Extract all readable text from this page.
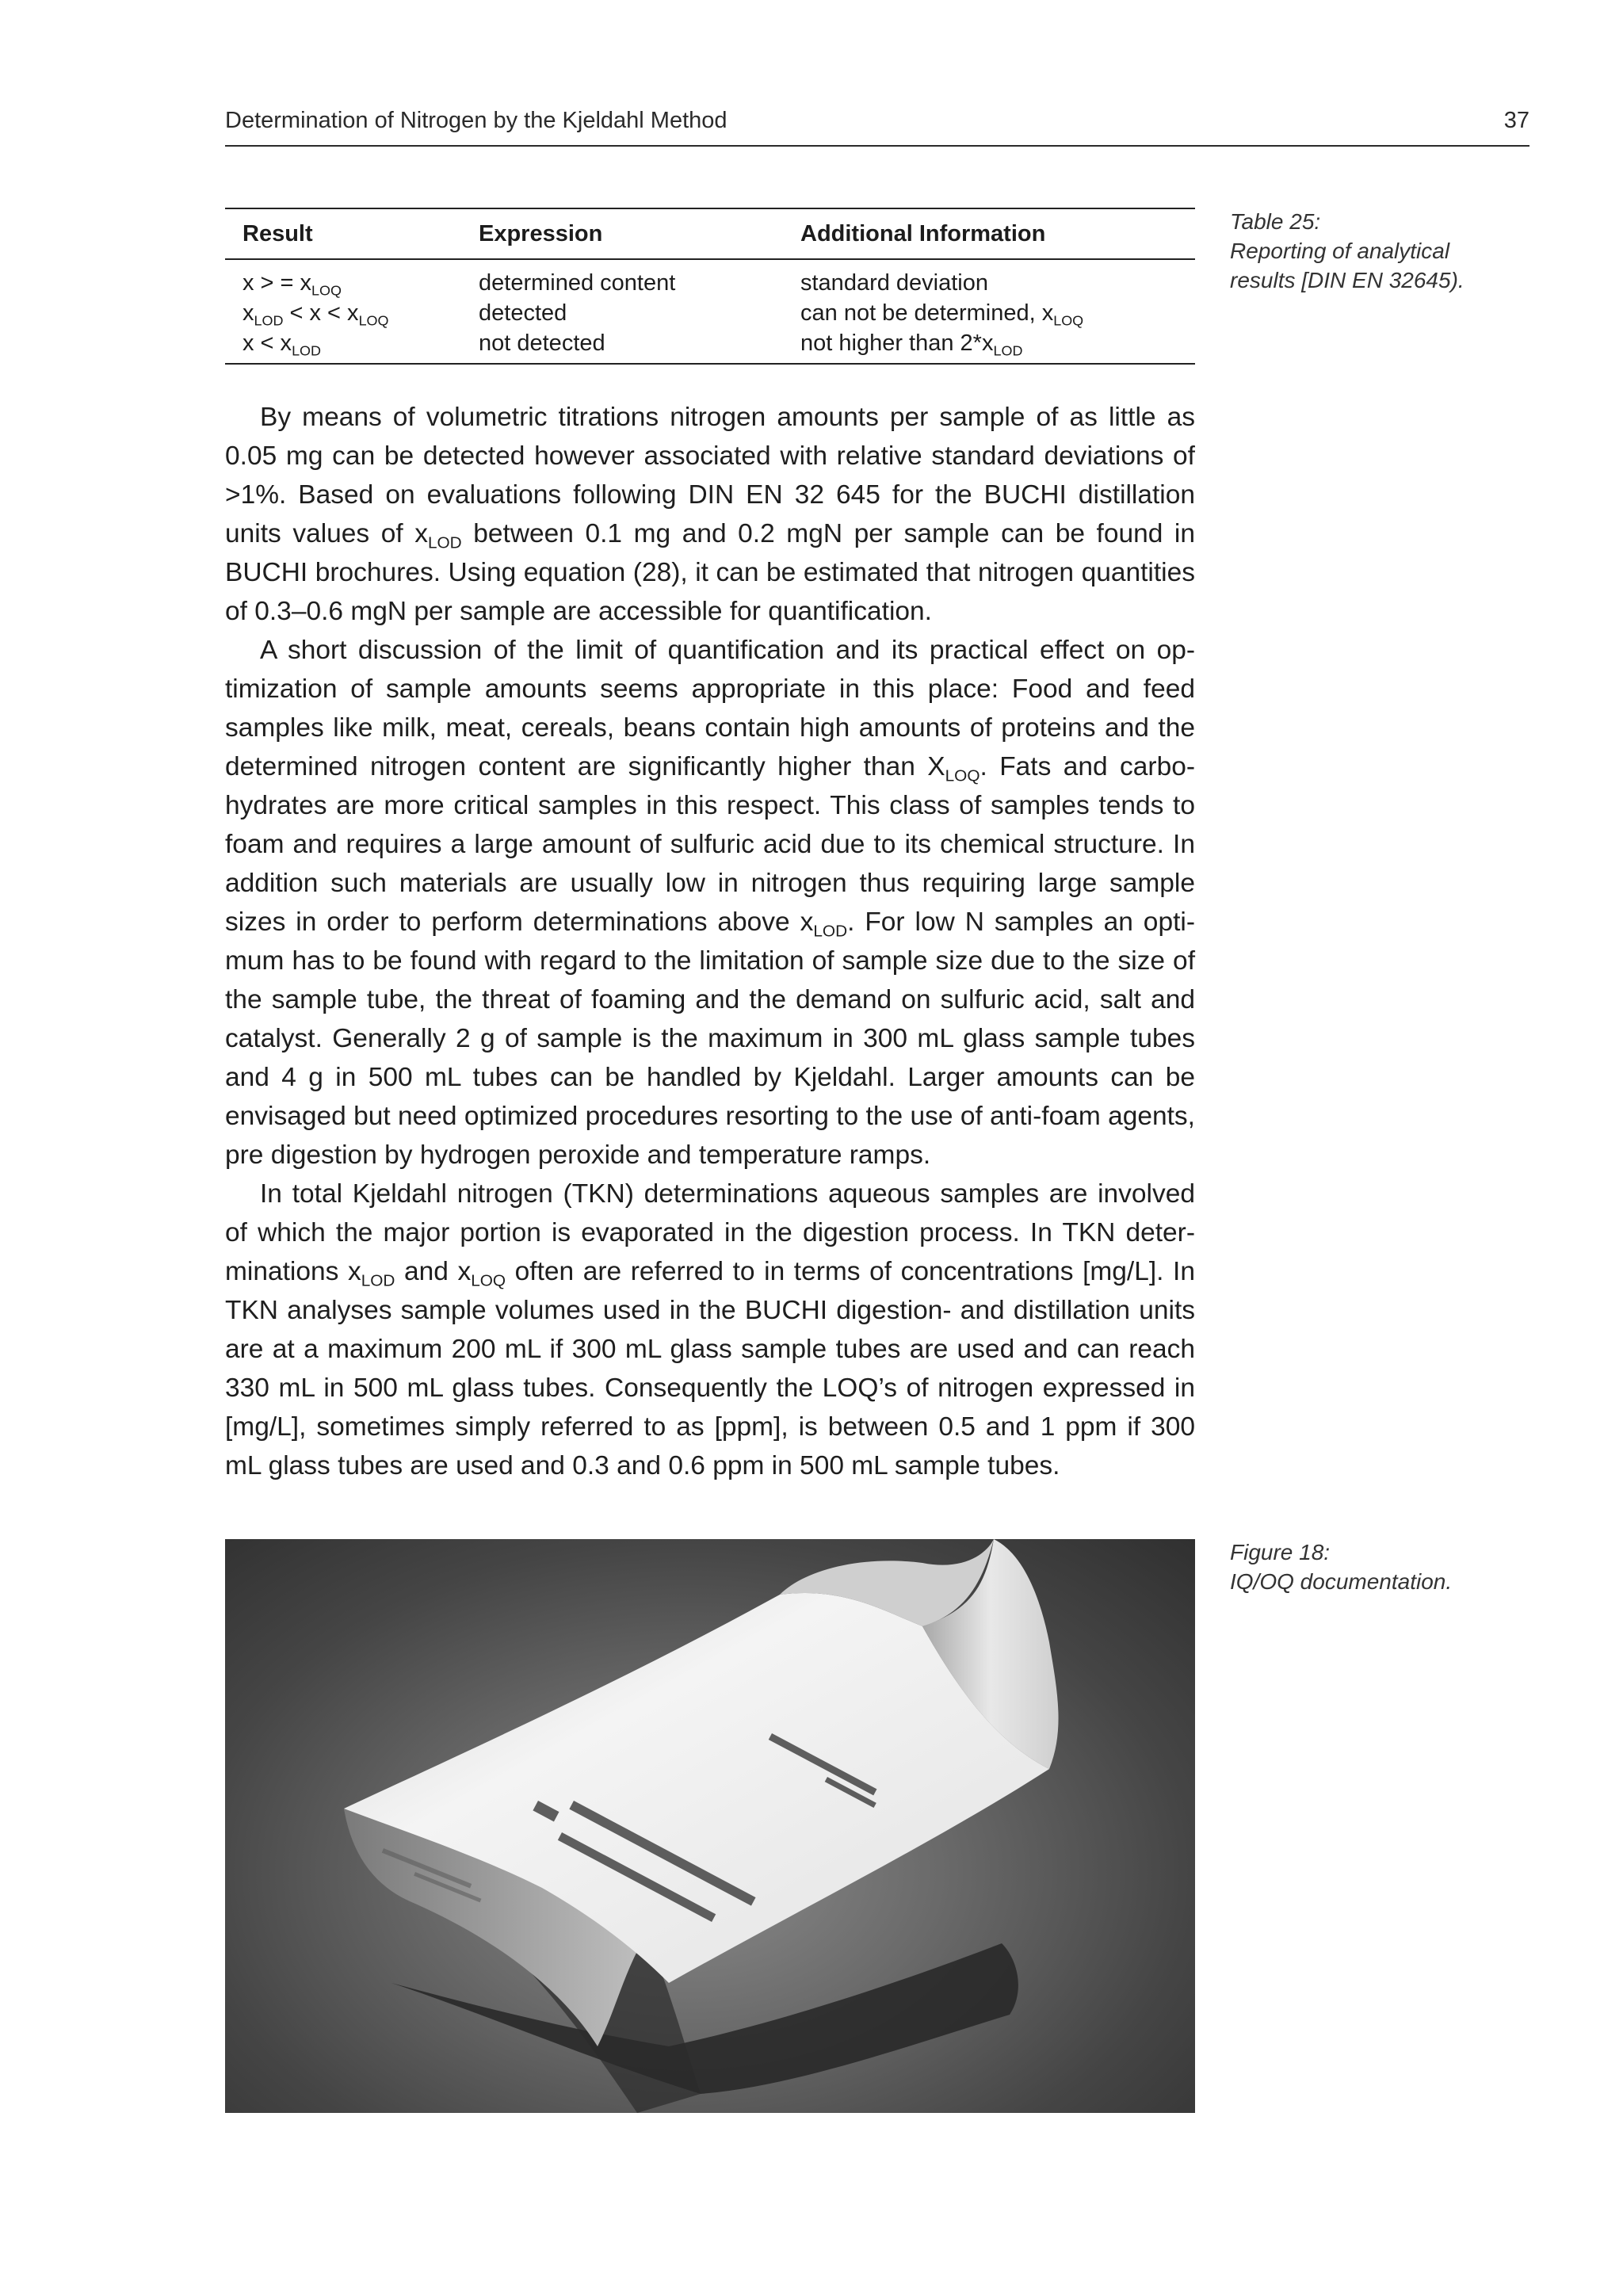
Determination of Nitrogen by the Kjeldahl Method	37
Result	Expression	Additional Information
x > = $x_{LOQ}$	determined content	standard deviation
$x_{LOD} < x < x_{LOQ}$	detected	can not be determined, $x_{LOQ}$
$x < x_{LOD}$	not detected	not higher than $2*x_{LOD}$
Table 25:
Reporting of analytical
results [DIN EN 32645).

By means of volumetric titrations nitrogen amounts per sample of as little as 0.05 mg can be detected however associated with relative standard deviations of >1%. Based on evaluations following DIN EN 32 645 for the BUCHI distillation units values of $x_{LOD}$ between 0.1 mg and 0.2 mgN per sample can be found in BUCHI brochures. Using equation (28), it can be estimated that nitrogen quantities of 0.3–0.6 mgN per sample are accessible for quantification.

A short discussion of the limit of quantification and its practical effect on optimization of sample amounts seems appropriate in this place: Food and feed samples like milk, meat, cereals, beans contain high amounts of proteins and the determined nitrogen content are significantly higher than $X_{LOQ}$. Fats and carbohydrates are more critical samples in this respect. This class of samples tends to foam and requires a large amount of sulfuric acid due to its chemical structure. In addition such materials are usually low in nitrogen thus requiring large sample sizes in order to perform determinations above $x_{LOD}$. For low N samples an optimum has to be found with regard to the limitation of sample size due to the size of the sample tube, the threat of foaming and the demand on sulfuric acid, salt and catalyst. Generally 2 g of sample is the maximum in 300 mL glass sample tubes and 4 g in 500 mL tubes can be handled by Kjeldahl. Larger amounts can be envisaged but need optimized procedures resorting to the use of anti-foam agents, pre digestion by hydrogen peroxide and temperature ramps.

In total Kjeldahl nitrogen (TKN) determinations aqueous samples are involved of which the major portion is evaporated in the digestion process. In TKN determinations $x_{LOD}$ and $x_{LOQ}$ often are referred to in terms of concentrations [mg/L]. In TKN analyses sample volumes used in the BUCHI digestion- and distillation units are at a maximum 200 mL if 300 mL glass sample tubes are used and can reach 330 mL in 500 mL glass tubes. Consequently the LOQ’s of nitrogen expressed in [mg/L], sometimes simply referred to as [ppm], is between 0.5 and 1 ppm if 300 mL glass tubes are used and 0.3 and 0.6 ppm in 500 mL sample tubes.

Figure 18:
IQ/OQ documentation.
